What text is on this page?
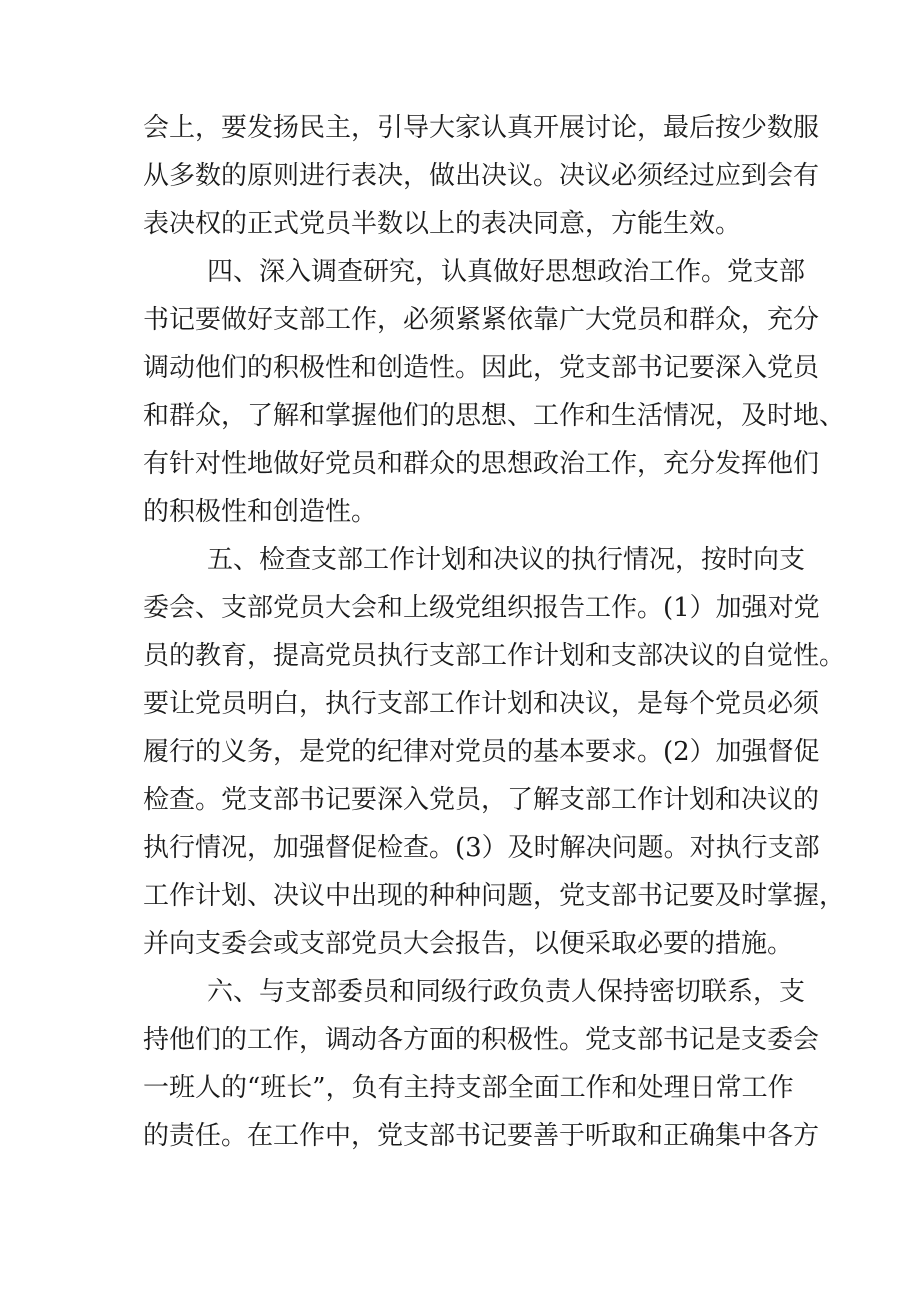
会上，要发扬民主，引导大家认真开展讨论，最后按少数服
从多数的原则进行表决，做出决议。决议必须经过应到会有
表决权的正式党员半数以上的表决同意，方能生效。
四、深入调查研究，认真做好思想政治工作。党支部
书记要做好支部工作，必须紧紧依靠广大党员和群众，充分
调动他们的积极性和创造性。因此，党支部书记要深入党员
和群众，了解和掌握他们的思想、工作和生活情况，及时地、
有针对性地做好党员和群众的思想政治工作，充分发挥他们
的积极性和创造性。
五、检查支部工作计划和决议的执行情况，按时向支
委会、支部党员大会和上级党组织报告工作。(1）加强对党
员的教育，提高党员执行支部工作计划和支部决议的自觉性。
要让党员明白，执行支部工作计划和决议，是每个党员必须
履行的义务，是党的纪律对党员的基本要求。(2）加强督促
检查。党支部书记要深入党员，了解支部工作计划和决议的
执行情况，加强督促检查。(3）及时解决问题。对执行支部
工作计划、决议中出现的种种问题，党支部书记要及时掌握，
并向支委会或支部党员大会报告，以便采取必要的措施。
六、与支部委员和同级行政负责人保持密切联系，支
持他们的工作，调动各方面的积极性。党支部书记是支委会
一班人的“班长”，负有主持支部全面工作和处理日常工作
的责任。在工作中，党支部书记要善于听取和正确集中各方
